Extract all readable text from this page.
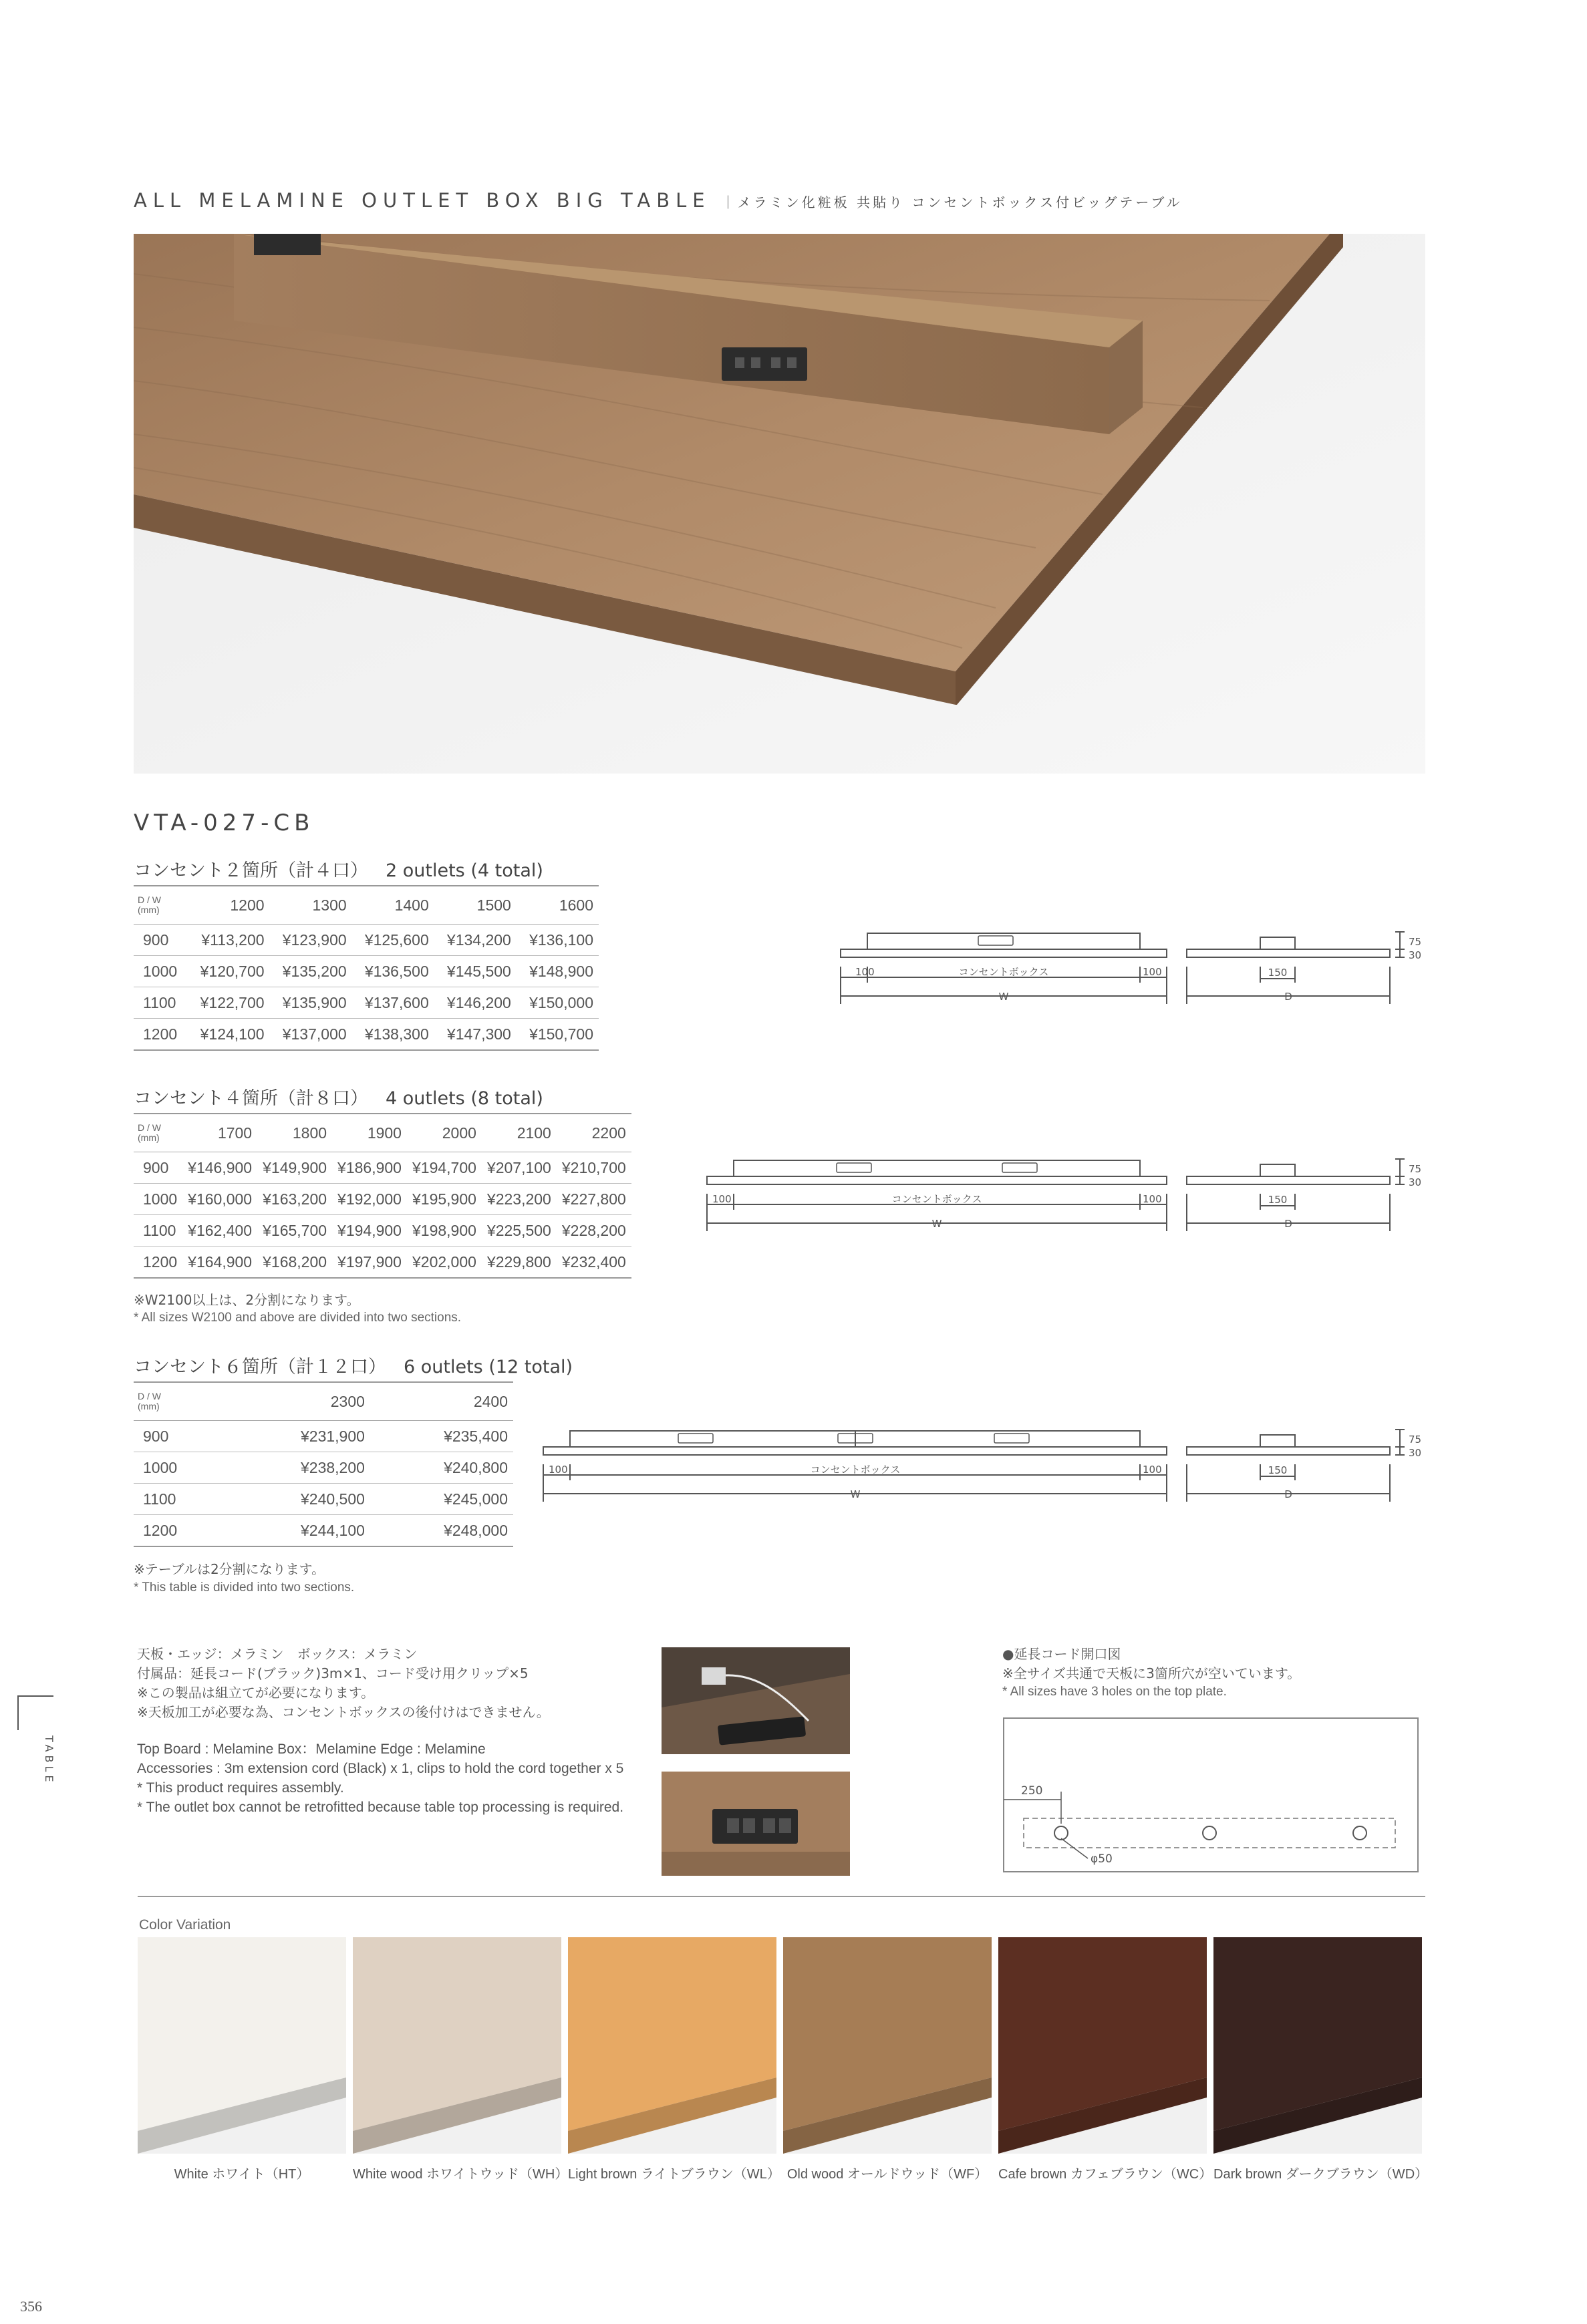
ALL MELAMINE OUTLET BOX BIG TABLE ｜メラミン化粧板 共貼り コンセントボックス付ビッグテーブル
VTA-027-CB
コンセント２箇所（計４口） 2 outlets (4 total)
D / W
(mm)	1200	1300	1400	1500	1600
900	¥113,200	¥123,900	¥125,600	¥134,200	¥136,100
1000	¥120,700	¥135,200	¥136,500	¥145,500	¥148,900
1100	¥122,700	¥135,900	¥137,600	¥146,200	¥150,000
1200	¥124,100	¥137,000	¥138,300	¥147,300	¥150,700
100	100
コンセントボックス
W
150
D
75
30
コンセント４箇所（計８口） 4 outlets (8 total)
D / W
(mm)	1700	1800	1900	2000	2100	2200
900	¥146,900	¥149,900	¥186,900	¥194,700	¥207,100	¥210,700
1000	¥160,000	¥163,200	¥192,000	¥195,900	¥223,200	¥227,800
1100	¥162,400	¥165,700	¥194,900	¥198,900	¥225,500	¥228,200
1200	¥164,900	¥168,200	¥197,900	¥202,000	¥229,800	¥232,400
※W2100以上は、2分割になります。
* All sizes W2100 and above are divided into two sections.
100	100
コンセントボックス
W
150
D
75
30
コンセント６箇所（計１２口） 6 outlets (12 total)
D / W
(mm)	2300	2400
900	¥231,900	¥235,400
1000	¥238,200	¥240,800
1100	¥240,500	¥245,000
1200	¥244,100	¥248,000
※テーブルは2分割になります。
* This table is divided into two sections.
100	100
コンセントボックス
W
150
D
75
30
天板・エッジ：メラミン　ボックス：メラミン
付属品：延長コード(ブラック)3m×1、コード受け用クリップ×5
※この製品は組立てが必要になります。
※天板加工が必要な為、コンセントボックスの後付けはできません。
Top Board : Melamine Box：Melamine Edge : Melamine
Accessories : 3m extension cord (Black) x 1, clips to hold the cord together x 5
* This product requires assembly.
* The outlet box cannot be retrofitted because table top processing is required.
●延長コード開口図
※全サイズ共通で天板に3箇所穴が空いています。
* All sizes have 3 holes on the top plate.
250
φ50
TABLE
Color Variation
White ホワイト（HT）	White wood ホワイトウッド（WH） Light brown ライトブラウン（WL） Old wood オールドウッド（WF） Cafe brown カフェブラウン（WC） Dark brown ダークブラウン（WD）
356
